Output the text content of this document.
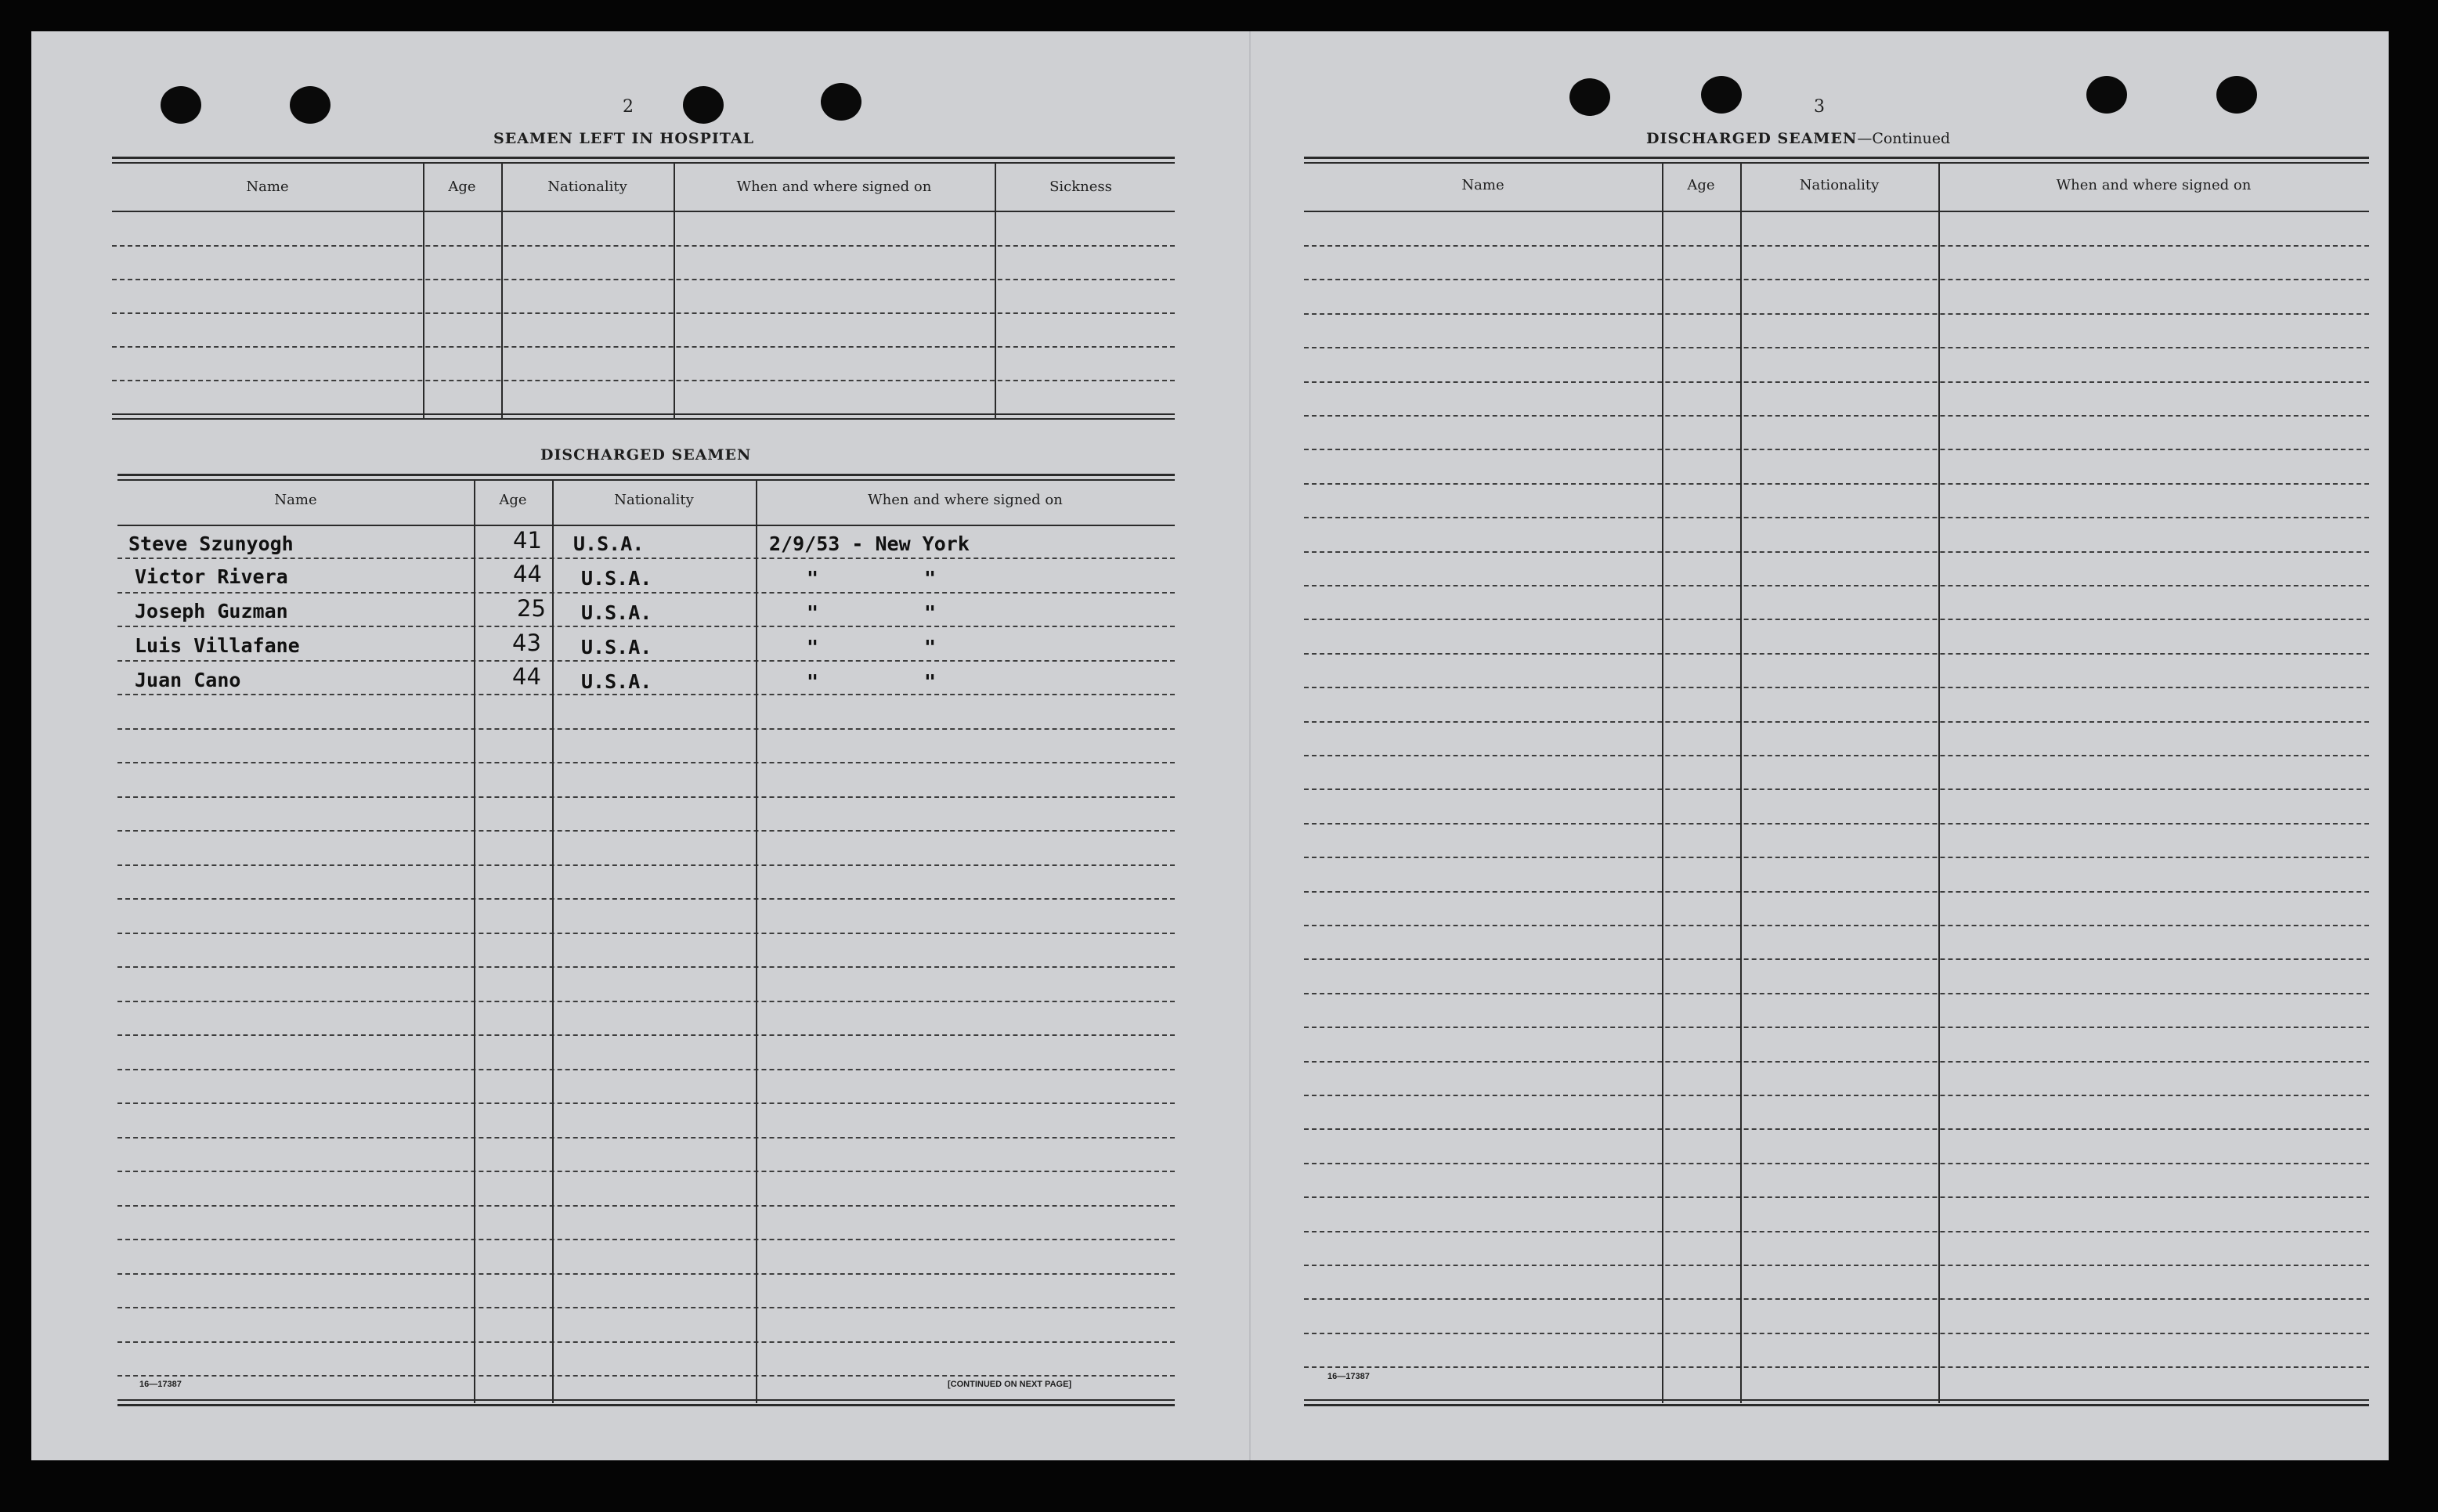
2
SEAMEN LEFT IN HOSPITAL
Name	Age	Nationality	When and where signed on	Sickness
DISCHARGED SEAMEN
Name	Age	Nationality	When and where signed on
Steve Szunyogh	41 U.S.A.	2/9/53 - New York
Victor Rivera	44 U.S.A.	"	"
Joseph Guzman	25 U.S.A.	"	"
Luis Villafane	43 U.S.A.	"	"
Juan Cano	44 U.S.A.	"	"
16—17387	[CONTINUED ON NEXT PAGE]
3
DISCHARGED SEAMEN—Continued
Name	Age	Nationality	When and where signed on
16—17387
